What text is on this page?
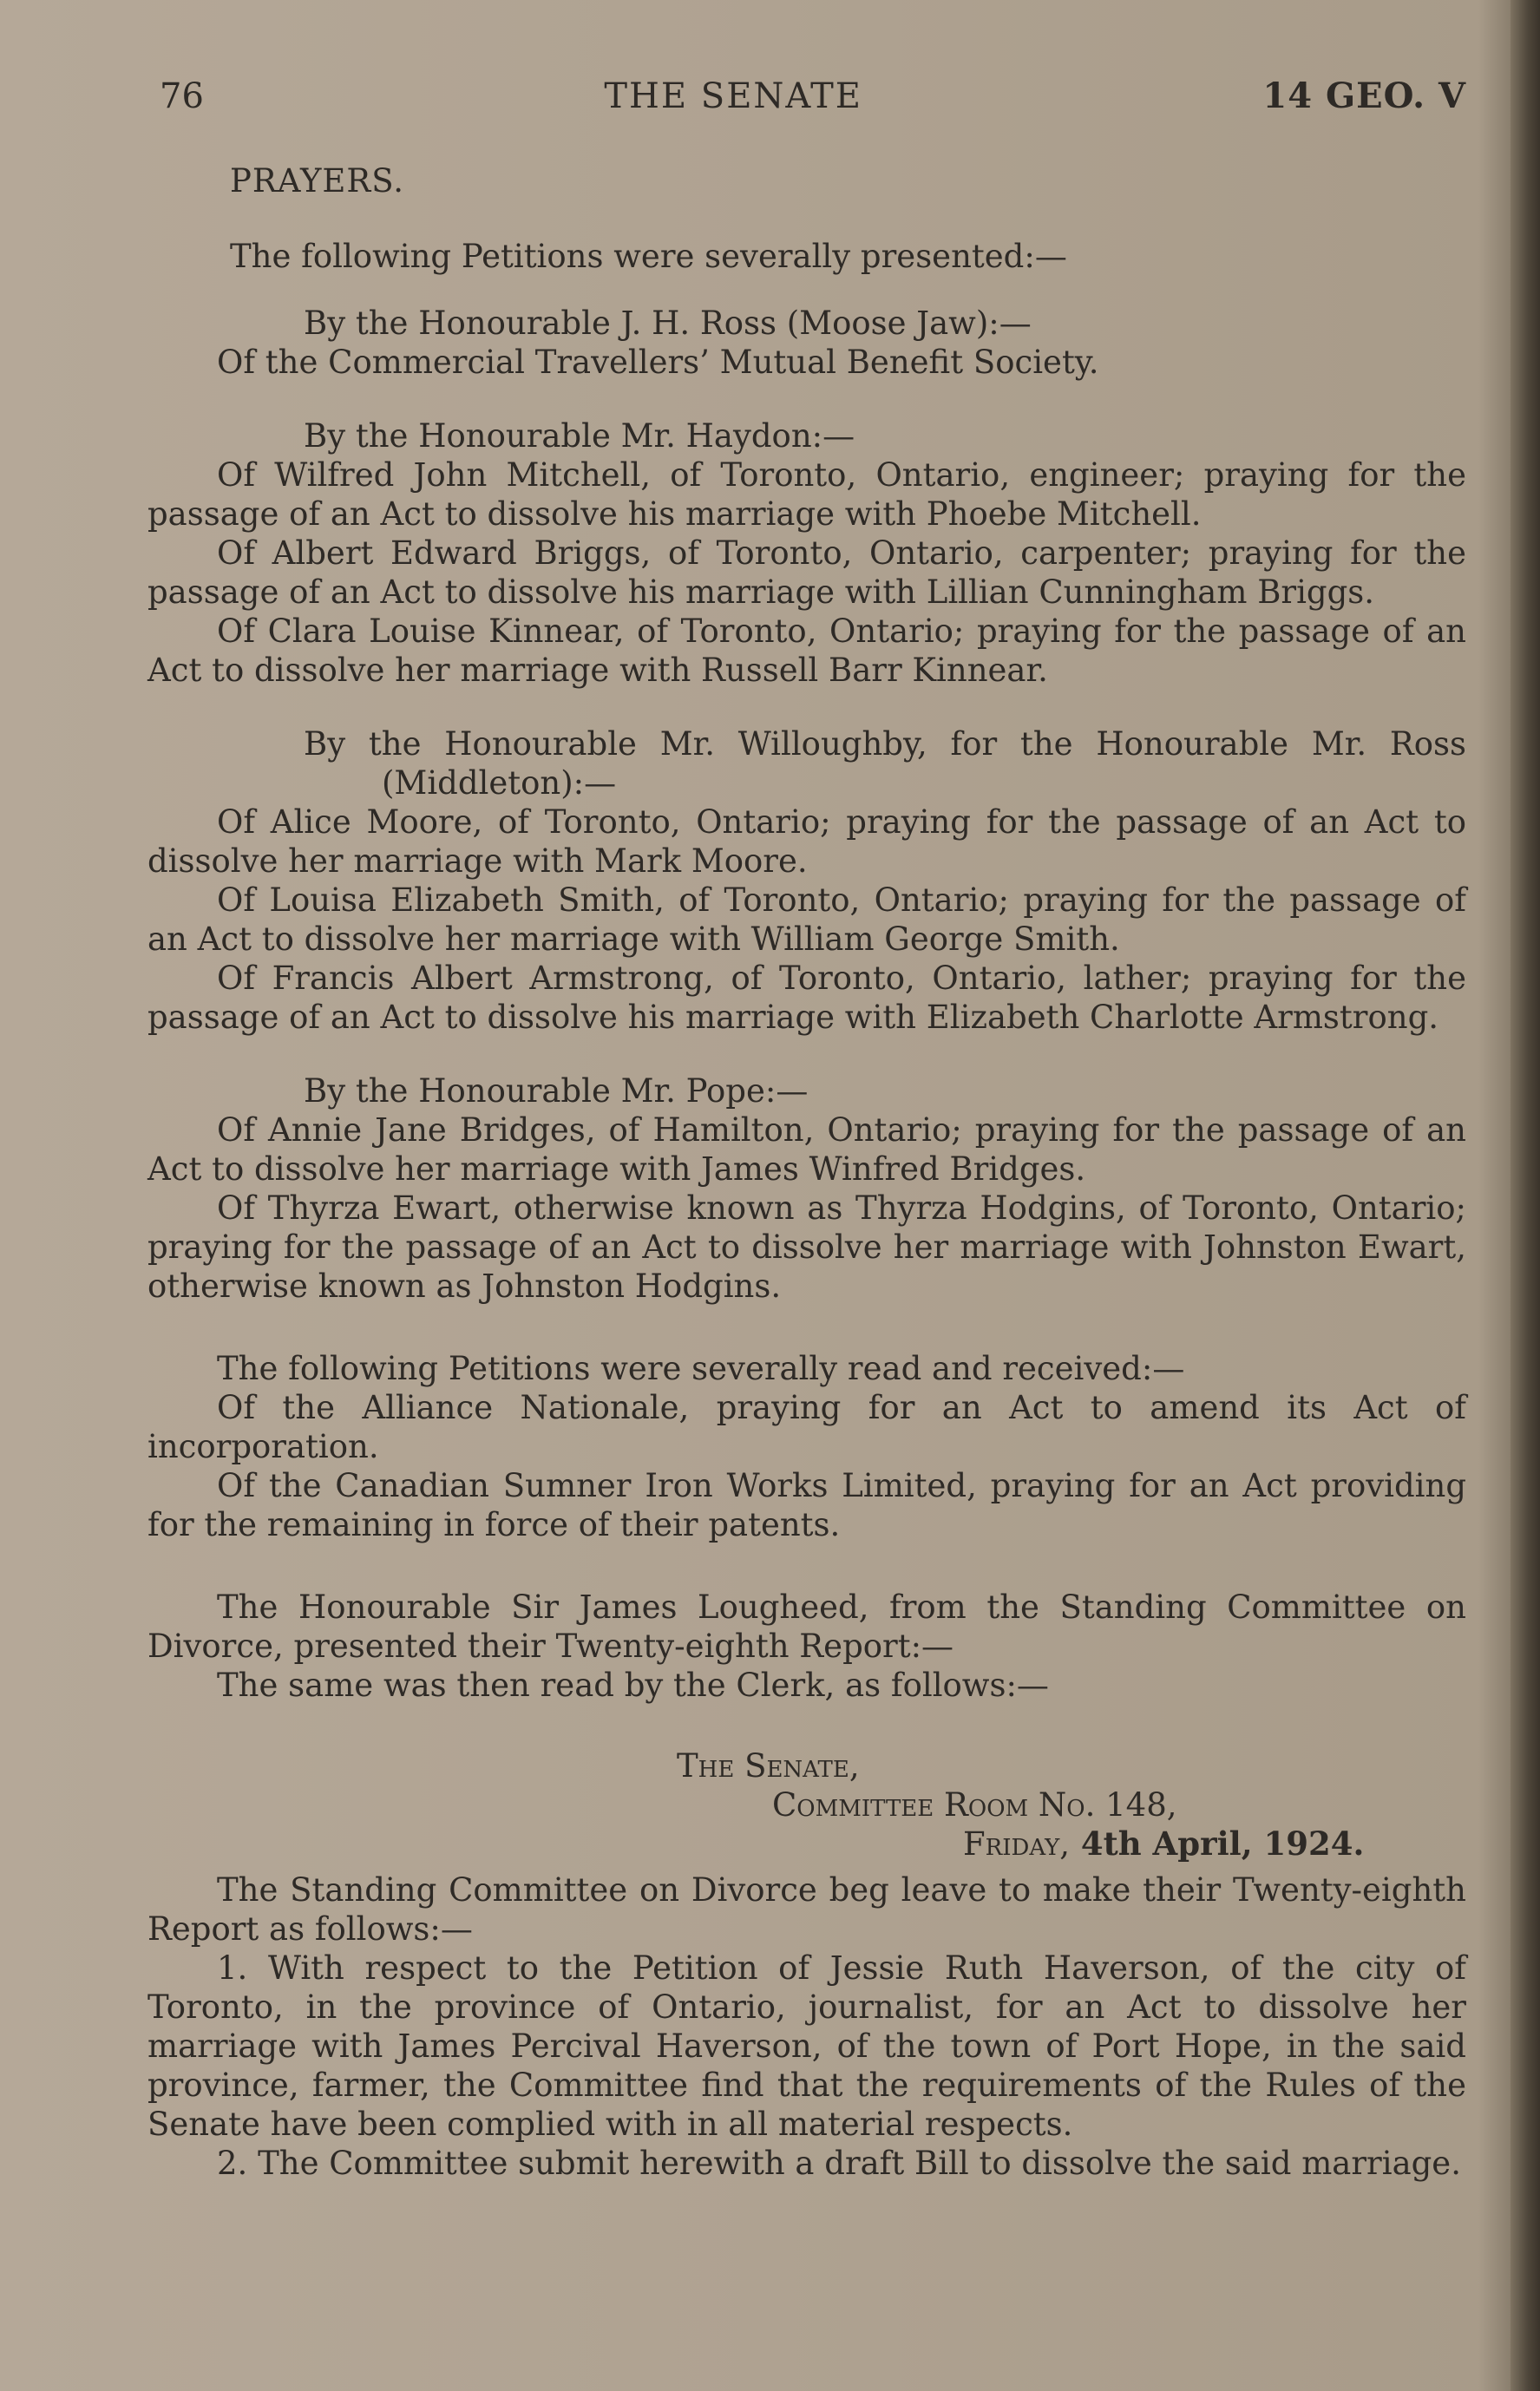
76	THE SENATE	14 GEO. V
PRAYERS.
The following Petitions were severally presented:—

By the Honourable J. H. Ross (Moose Jaw):—

Of the Commercial Travellers’ Mutual Benefit Society.

By the Honourable Mr. Haydon:—

Of Wilfred John Mitchell, of Toronto, Ontario, engineer; praying for the passage of an Act to dissolve his marriage with Phoebe Mitchell.

Of Albert Edward Briggs, of Toronto, Ontario, carpenter; praying for the passage of an Act to dissolve his marriage with Lillian Cunningham Briggs.

Of Clara Louise Kinnear, of Toronto, Ontario; praying for the passage of an Act to dissolve her marriage with Russell Barr Kinnear.

By the Honourable Mr. Willoughby, for the Honourable Mr. Ross (Middleton):—

Of Alice Moore, of Toronto, Ontario; praying for the passage of an Act to dissolve her marriage with Mark Moore.

Of Louisa Elizabeth Smith, of Toronto, Ontario; praying for the passage of an Act to dissolve her marriage with William George Smith.

Of Francis Albert Armstrong, of Toronto, Ontario, lather; praying for the passage of an Act to dissolve his marriage with Elizabeth Charlotte Armstrong.

By the Honourable Mr. Pope:—

Of Annie Jane Bridges, of Hamilton, Ontario; praying for the passage of an Act to dissolve her marriage with James Winfred Bridges.

Of Thyrza Ewart, otherwise known as Thyrza Hodgins, of Toronto, Ontario; praying for the passage of an Act to dissolve her marriage with Johnston Ewart, otherwise known as Johnston Hodgins.

The following Petitions were severally read and received:—

Of the Alliance Nationale, praying for an Act to amend its Act of incorporation.

Of the Canadian Sumner Iron Works Limited, praying for an Act providing for the remaining in force of their patents.

The Honourable Sir James Lougheed, from the Standing Committee on Divorce, presented their Twenty-eighth Report:—

The same was then read by the Clerk, as follows:—

The Senate,
Committee Room No. 148,
Friday, 4th April, 1924.

The Standing Committee on Divorce beg leave to make their Twenty-eighth Report as follows:—

1. With respect to the Petition of Jessie Ruth Haverson, of the city of Toronto, in the province of Ontario, journalist, for an Act to dissolve her marriage with James Percival Haverson, of the town of Port Hope, in the said province, farmer, the Committee find that the requirements of the Rules of the Senate have been complied with in all material respects.

2. The Committee submit herewith a draft Bill to dissolve the said marriage.
